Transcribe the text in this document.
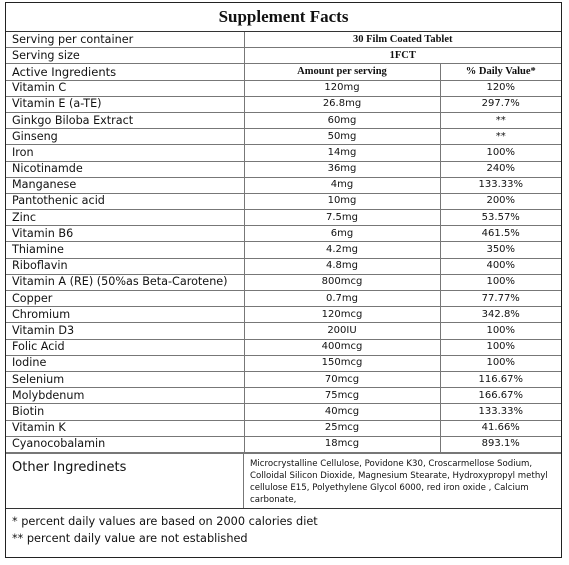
Supplement Facts
Serving per container	30 Film Coated Tablet	
Serving size	1FCT	
Active Ingredients	Amount per serving	% Daily Value*
Vitamin C	120mg	120%
Vitamin E (a-TE)	26.8mg	297.7%
Ginkgo Biloba Extract	60mg	**
Ginseng	50mg	**
Iron	14mg	100%
Nicotinamde	36mg	240%
Manganese	4mg	133.33%
Pantothenic acid	10mg	200%
Zinc	7.5mg	53.57%
Vitamin B6	6mg	461.5%
Thiamine	4.2mg	350%
Riboflavin	4.8mg	400%
Vitamin A (RE) (50%as Beta-Carotene)	800mcg	100%
Copper	0.7mg	77.77%
Chromium	120mcg	342.8%
Vitamin D3	200IU	100%
Folic Acid	400mcg	100%
Iodine	150mcg	100%
Selenium	70mcg	116.67%
Molybdenum	75mcg	166.67%
Biotin	40mcg	133.33%
Vitamin K	25mcg	41.66%
Cyanocobalamin	18mcg	893.1%
Other Ingredinets	Microcrystalline Cellulose, Povidone K30, Croscarmellose Sodium, Colloidal Silicon Dioxide, Magnesium Stearate, Hydroxypropyl methyl cellulose E15, Polyethylene Glycol 6000, red iron oxide , Calcium carbonate,
* percent daily values are based on 2000 calories diet
** percent daily value are not established
